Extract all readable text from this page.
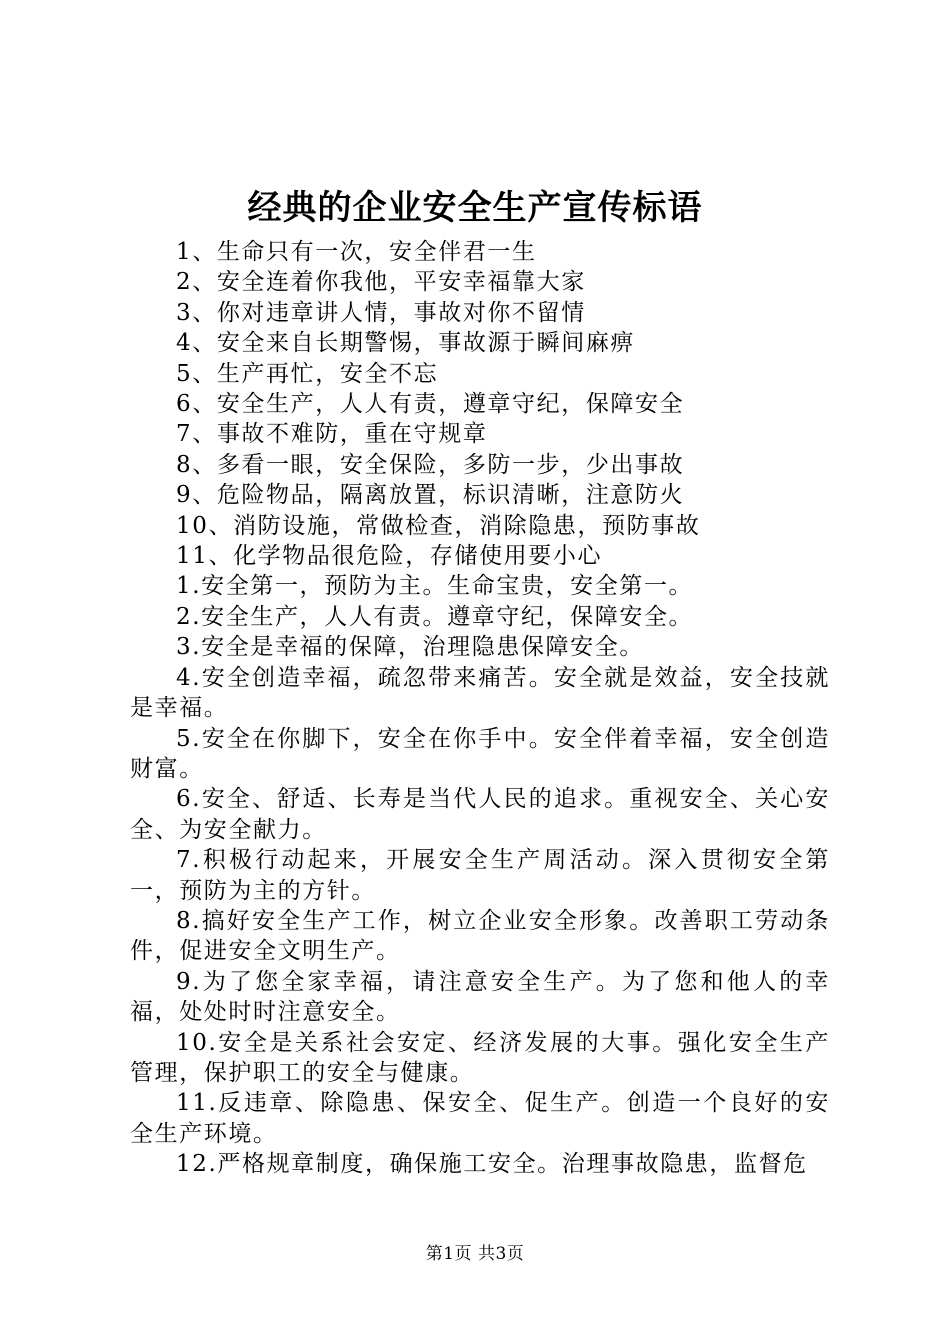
经典的企业安全生产宣传标语
1、生命只有一次，安全伴君一生
2、安全连着你我他，平安幸福靠大家
3、你对违章讲人情，事故对你不留情
4、安全来自长期警惕，事故源于瞬间麻痹
5、生产再忙，安全不忘
6、安全生产，人人有责，遵章守纪，保障安全
7、事故不难防，重在守规章
8、多看一眼，安全保险，多防一步，少出事故
9、危险物品，隔离放置，标识清晰，注意防火
10、消防设施，常做检查，消除隐患，预防事故
11、化学物品很危险，存储使用要小心
1.安全第一，预防为主。生命宝贵，安全第一。
2.安全生产，人人有责。遵章守纪，保障安全。
3.安全是幸福的保障，治理隐患保障安全。
4.安全创造幸福，疏忽带来痛苦。安全就是效益，安全技就是幸福。
5.安全在你脚下，安全在你手中。安全伴着幸福，安全创造财富。
6.安全、舒适、长寿是当代人民的追求。重视安全、关心安全、为安全献力。
7.积极行动起来，开展安全生产周活动。深入贯彻安全第一，预防为主的方针。
8.搞好安全生产工作，树立企业安全形象。改善职工劳动条件，促进安全文明生产。
9.为了您全家幸福，请注意安全生产。为了您和他人的幸福，处处时时注意安全。
10.安全是关系社会安定、经济发展的大事。强化安全生产管理，保护职工的安全与健康。
11.反违章、除隐患、保安全、促生产。创造一个良好的安全生产环境。
12.严格规章制度，确保施工安全。治理事故隐患，监督危
第1页 共3页
